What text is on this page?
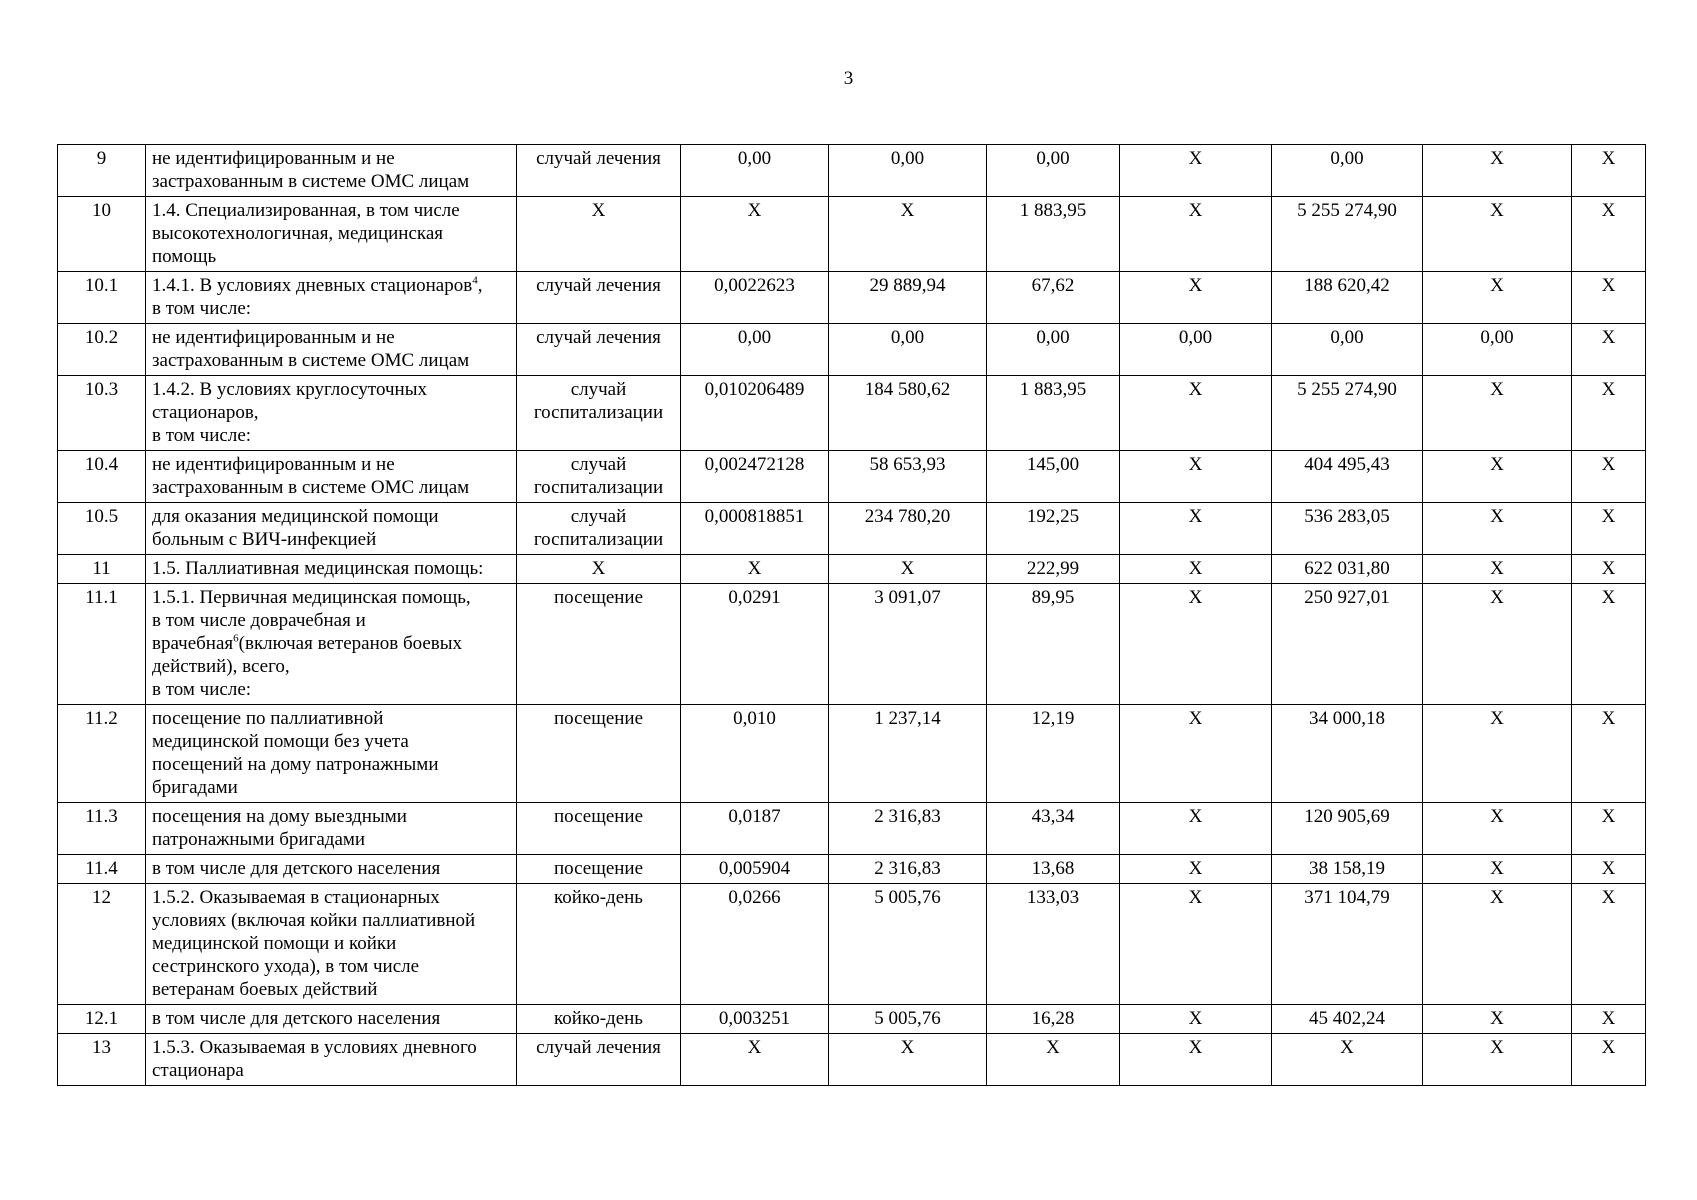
3
9	не идентифицированным и не
застрахованным в системе ОМС лицам	случай лечения	0,00	0,00	0,00	Х	0,00	Х	Х
10	1.4. Специализированная, в том числе
высокотехнологичная, медицинская
помощь	Х	Х	Х	1 883,95	Х	5 255 274,90	Х	Х
10.1	1.4.1. В условиях дневных стационаров$^4$,
в том числе:	случай лечения	0,0022623	29 889,94	67,62	Х	188 620,42	Х	Х
10.2	не идентифицированным и не
застрахованным в системе ОМС лицам	случай лечения	0,00	0,00	0,00	0,00	0,00	0,00	Х
10.3	1.4.2. В условиях круглосуточных
стационаров,
в том числе:	случай
госпитализации	0,010206489	184 580,62	1 883,95	Х	5 255 274,90	Х	Х
10.4	не идентифицированным и не
застрахованным в системе ОМС лицам	случай
госпитализации	0,002472128	58 653,93	145,00	Х	404 495,43	Х	Х
10.5	для оказания медицинской помощи
больным с ВИЧ-инфекцией	случай
госпитализации	0,000818851	234 780,20	192,25	Х	536 283,05	Х	Х
11	1.5. Паллиативная медицинская помощь:	Х	Х	Х	222,99	Х	622 031,80	Х	Х
11.1	1.5.1. Первичная медицинская помощь,
в том числе доврачебная и
врачебная$^6$(включая ветеранов боевых
действий), всего,
в том числе:	посещение	0,0291	3 091,07	89,95	Х	250 927,01	Х	Х
11.2	посещение по паллиативной
медицинской помощи без учета
посещений на дому патронажными
бригадами	посещение	0,010	1 237,14	12,19	Х	34 000,18	Х	Х
11.3	посещения на дому выездными
патронажными бригадами	посещение	0,0187	2 316,83	43,34	Х	120 905,69	Х	Х
11.4	в том числе для детского населения	посещение	0,005904	2 316,83	13,68	Х	38 158,19	Х	Х
12	1.5.2. Оказываемая в стационарных
условиях (включая койки паллиативной
медицинской помощи и койки
сестринского ухода), в том числе
ветеранам боевых действий	койко-день	0,0266	5 005,76	133,03	Х	371 104,79	Х	Х
12.1	в том числе для детского населения	койко-день	0,003251	5 005,76	16,28	Х	45 402,24	Х	Х
13	1.5.3. Оказываемая в условиях дневного
стационара	случай лечения	Х	Х	Х	Х	Х	Х	Х
